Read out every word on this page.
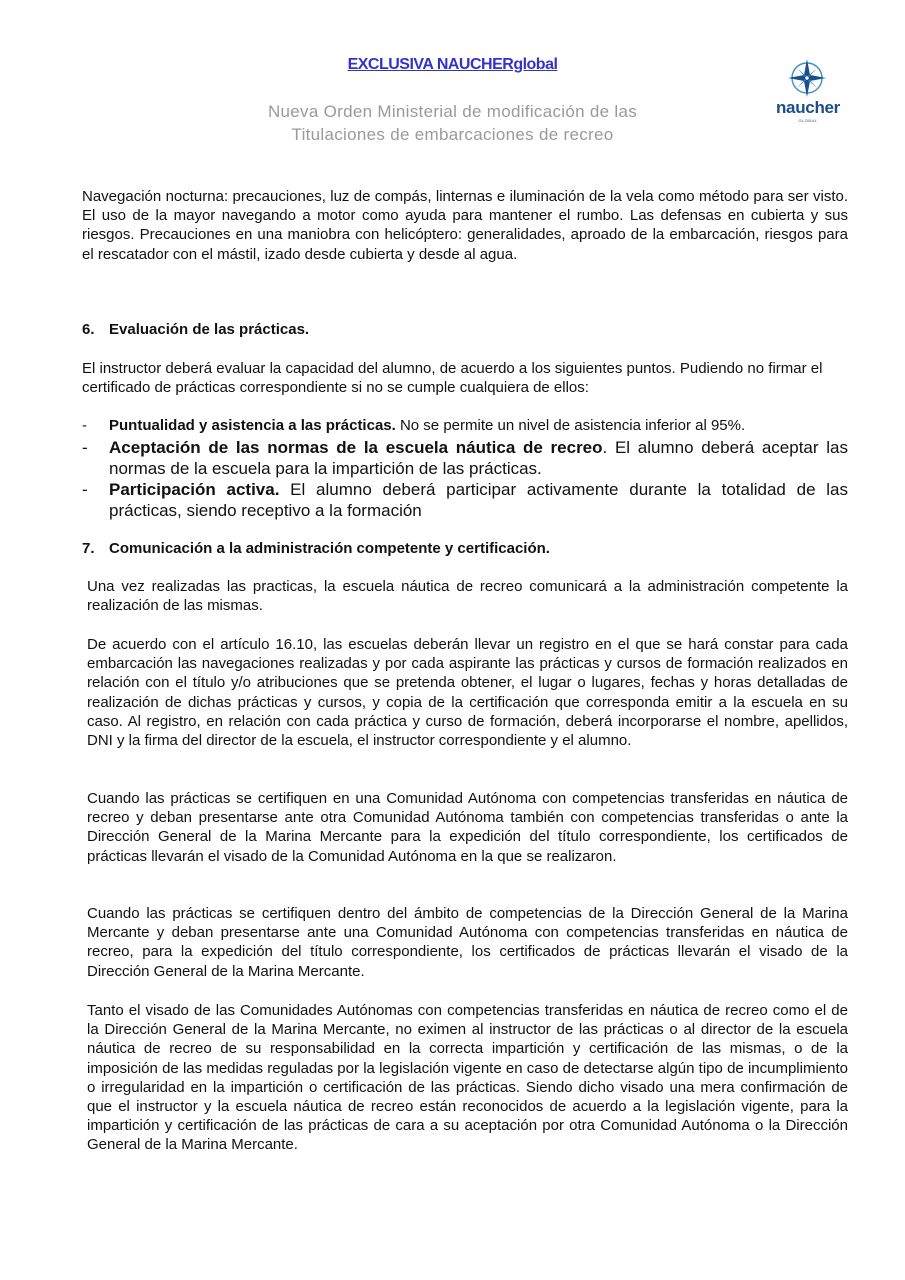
EXCLUSIVA NAUCHERglobal
Nueva Orden Ministerial de modificación de las
Titulaciones de embarcaciones de recreo
naucher
GLOBAL

Navegación nocturna: precauciones, luz de compás, linternas e iluminación de la vela como método para ser visto. El uso de la mayor navegando a motor como ayuda para mantener el rumbo. Las defensas en cubierta y sus riesgos. Precauciones en una maniobra con helicóptero: generalidades, aproado de la embarcación, riesgos para el rescatador con el mástil, izado desde cubierta y desde al agua.

6. Evaluación de las prácticas.

El instructor deberá evaluar la capacidad del alumno, de acuerdo a los siguientes puntos. Pudiendo no firmar el certificado de prácticas correspondiente si no se cumple cualquiera de ellos:

- Puntualidad y asistencia a las prácticas. No se permite un nivel de asistencia inferior al 95%.
- Aceptación de las normas de la escuela náutica de recreo. El alumno deberá aceptar las normas de la escuela para la impartición de las prácticas.
- Participación activa. El alumno deberá participar activamente durante la totalidad de las prácticas, siendo receptivo a la formación
7. Comunicación a la administración competente y certificación.

Una vez realizadas las practicas, la escuela náutica de recreo comunicará a la administración competente la realización de las mismas.

De acuerdo con el artículo 16.10, las escuelas deberán llevar un registro en el que se hará constar para cada embarcación las navegaciones realizadas y por cada aspirante las prácticas y cursos de formación realizados en relación con el título y/o atribuciones que se pretenda obtener, el lugar o lugares, fechas y horas detalladas de realización de dichas prácticas y cursos, y copia de la certificación que corresponda emitir a la escuela en su caso. Al registro, en relación con cada práctica y curso de formación, deberá incorporarse el nombre, apellidos, DNI y la firma del director de la escuela, el instructor correspondiente y el alumno.

Cuando las prácticas se certifiquen en una Comunidad Autónoma con competencias transferidas en náutica de recreo y deban presentarse ante otra Comunidad Autónoma también con competencias transferidas o ante la Dirección General de la Marina Mercante para la expedición del título correspondiente, los certificados de prácticas llevarán el visado de la Comunidad Autónoma en la que se realizaron.

Cuando las prácticas se certifiquen dentro del ámbito de competencias de la Dirección General de la Marina Mercante y deban presentarse ante una Comunidad Autónoma con competencias transferidas en náutica de recreo, para la expedición del título correspondiente, los certificados de prácticas llevarán el visado de la Dirección General de la Marina Mercante.

Tanto el visado de las Comunidades Autónomas con competencias transferidas en náutica de recreo como el de la Dirección General de la Marina Mercante, no eximen al instructor de las prácticas o al director de la escuela náutica de recreo de su responsabilidad en la correcta impartición y certificación de las mismas, o de la imposición de las medidas reguladas por la legislación vigente en caso de detectarse algún tipo de incumplimiento o irregularidad en la impartición o certificación de las prácticas. Siendo dicho visado una mera confirmación de que el instructor y la escuela náutica de recreo están reconocidos de acuerdo a la legislación vigente, para la impartición y certificación de las prácticas de cara a su aceptación por otra Comunidad Autónoma o la Dirección General de la Marina Mercante.
